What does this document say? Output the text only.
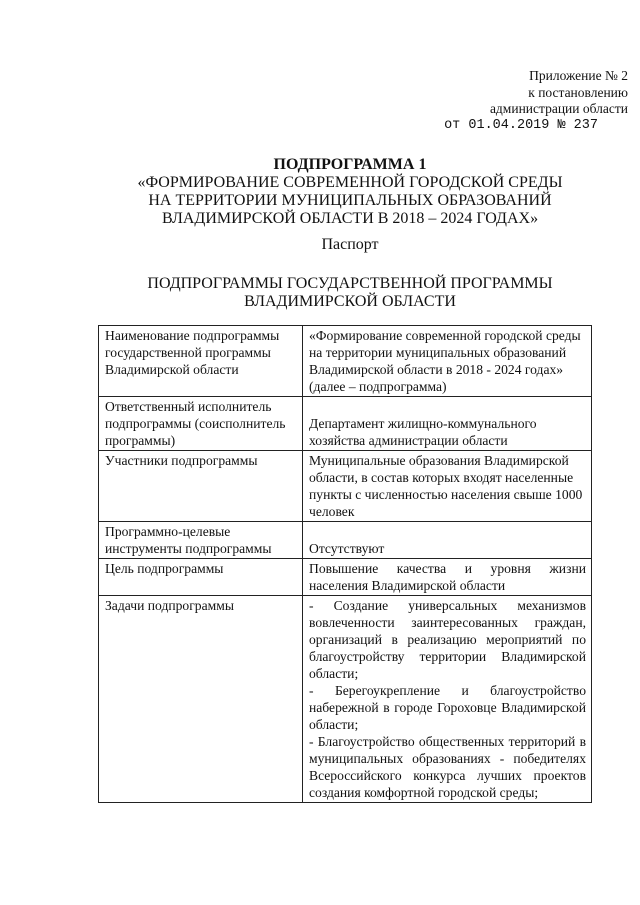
Приложение № 2
к постановлению
администрации области
от 01.04.2019 № 237
ПОДПРОГРАММА 1
«ФОРМИРОВАНИЕ СОВРЕМЕННОЙ ГОРОДСКОЙ СРЕДЫ
НА ТЕРРИТОРИИ МУНИЦИПАЛЬНЫХ ОБРАЗОВАНИЙ
ВЛАДИМИРСКОЙ ОБЛАСТИ В 2018 – 2024 ГОДАХ»
Паспорт
ПОДПРОГРАММЫ ГОСУДАРСТВЕННОЙ ПРОГРАММЫ
ВЛАДИМИРСКОЙ ОБЛАСТИ
Наименование подпрограммы государственной программы Владимирской области	«Формирование современной городской среды на территории муниципальных образований Владимирской области в 2018 - 2024 годах» (далее – подпрограмма)
Ответственный исполнитель подпрограммы (соисполнитель программы)	Департамент жилищно-коммунального хозяйства администрации области
Участники подпрограммы	Муниципальные образования Владимирской области, в состав которых входят населенные пункты с численностью населения свыше 1000 человек
Программно-целевые инструменты подпрограммы	Отсутствуют
Цель подпрограммы	Повышение качества и уровня жизни населения Владимирской области
Задачи подпрограммы	- Создание универсальных механизмов вовлеченности заинтересованных граждан, организаций в реализацию мероприятий по благоустройству территории Владимирской области;
- Берегоукрепление и благоустройство набережной в городе Гороховце Владимирской области;
- Благоустройство общественных территорий в муниципальных образованиях - победителях Всероссийского конкурса лучших проектов создания комфортной городской среды;
